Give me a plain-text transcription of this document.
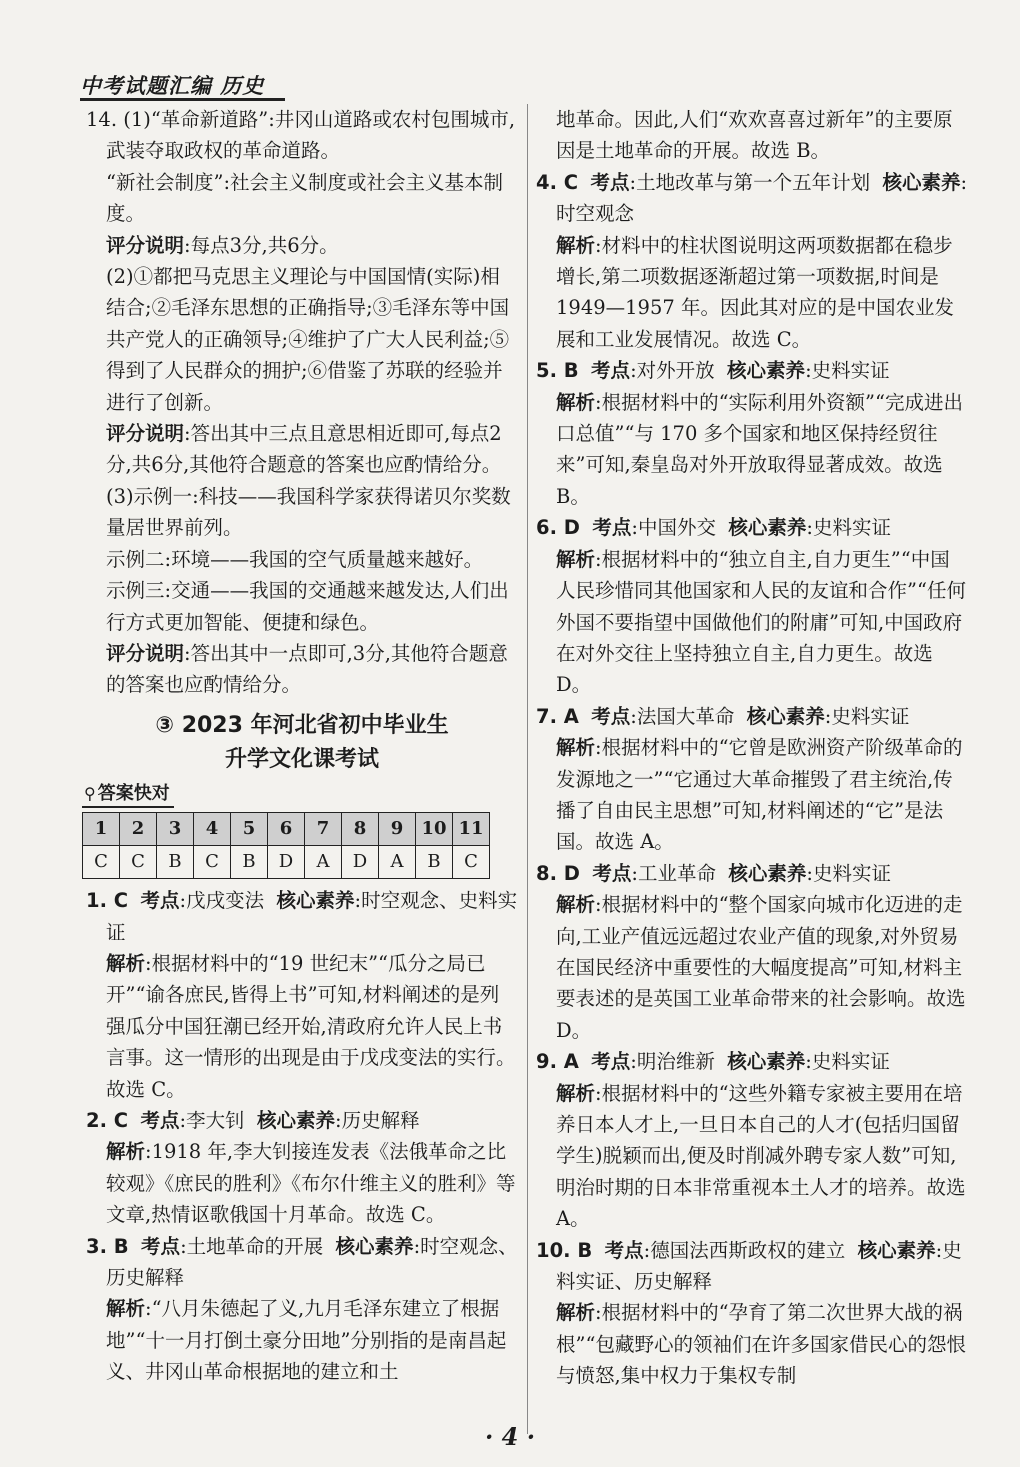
中考试题汇编 历史

14. (1)“革命新道路”:井冈山道路或农村包围城市,武装夺取政权的革命道路。

“新社会制度”:社会主义制度或社会主义基本制度。

评分说明:每点3分,共6分。

(2)①都把马克思主义理论与中国国情(实际)相结合;②毛泽东思想的正确指导;③毛泽东等中国共产党人的正确领导;④维护了广大人民利益;⑤得到了人民群众的拥护;⑥借鉴了苏联的经验并进行了创新。

评分说明:答出其中三点且意思相近即可,每点2分,共6分,其他符合题意的答案也应酌情给分。

(3)示例一:科技——我国科学家获得诺贝尔奖数量居世界前列。

示例二:环境——我国的空气质量越来越好。

示例三:交通——我国的交通越来越发达,人们出行方式更加智能、便捷和绿色。

评分说明:答出其中一点即可,3分,其他符合题意的答案也应酌情给分。

③ 2023 年河北省初中毕业生
升学文化课考试
⚲ 答案快对
1	2	3	4	5	6	7	8	9	10	11
C	C	B	C	B	D	A	D	A	B	C

1. C 考点:戊戌变法 核心素养:时空观念、史料实证

解析:根据材料中的“19 世纪末”“瓜分之局已开”“谕各庶民,皆得上书”可知,材料阐述的是列强瓜分中国狂潮已经开始,清政府允许人民上书言事。这一情形的出现是由于戊戌变法的实行。故选 C。

2. C 考点:李大钊 核心素养:历史解释

解析:1918 年,李大钊接连发表《法俄革命之比较观》《庶民的胜利》《布尔什维主义的胜利》等文章,热情讴歌俄国十月革命。故选 C。

3. B 考点:土地革命的开展 核心素养:时空观念、历史解释

解析:“八月朱德起了义,九月毛泽东建立了根据地”“十一月打倒土豪分田地”分别指的是南昌起义、井冈山革命根据地的建立和土

地革命。因此,人们“欢欢喜喜过新年”的主要原因是土地革命的开展。故选 B。

4. C 考点:土地改革与第一个五年计划 核心素养:时空观念

解析:材料中的柱状图说明这两项数据都在稳步增长,第二项数据逐渐超过第一项数据,时间是 1949—1957 年。因此其对应的是中国农业发展和工业发展情况。故选 C。

5. B 考点:对外开放 核心素养:史料实证

解析:根据材料中的“实际利用外资额”“完成进出口总值”“与 170 多个国家和地区保持经贸往来”可知,秦皇岛对外开放取得显著成效。故选 B。

6. D 考点:中国外交 核心素养:史料实证

解析:根据材料中的“独立自主,自力更生”“中国人民珍惜同其他国家和人民的友谊和合作”“任何外国不要指望中国做他们的附庸”可知,中国政府在对外交往上坚持独立自主,自力更生。故选 D。

7. A 考点:法国大革命 核心素养:史料实证

解析:根据材料中的“它曾是欧洲资产阶级革命的发源地之一”“它通过大革命摧毁了君主统治,传播了自由民主思想”可知,材料阐述的“它”是法国。故选 A。

8. D 考点:工业革命 核心素养:史料实证

解析:根据材料中的“整个国家向城市化迈进的走向,工业产值远远超过农业产值的现象,对外贸易在国民经济中重要性的大幅度提高”可知,材料主要表述的是英国工业革命带来的社会影响。故选 D。

9. A 考点:明治维新 核心素养:史料实证

解析:根据材料中的“这些外籍专家被主要用在培养日本人才上,一旦日本自己的人才(包括归国留学生)脱颖而出,便及时削减外聘专家人数”可知,明治时期的日本非常重视本土人才的培养。故选 A。

10. B 考点:德国法西斯政权的建立 核心素养:史料实证、历史解释

解析:根据材料中的“孕育了第二次世界大战的祸根”“包藏野心的领袖们在许多国家借民心的怨恨与愤怒,集中权力于集权专制

· 4 ·
